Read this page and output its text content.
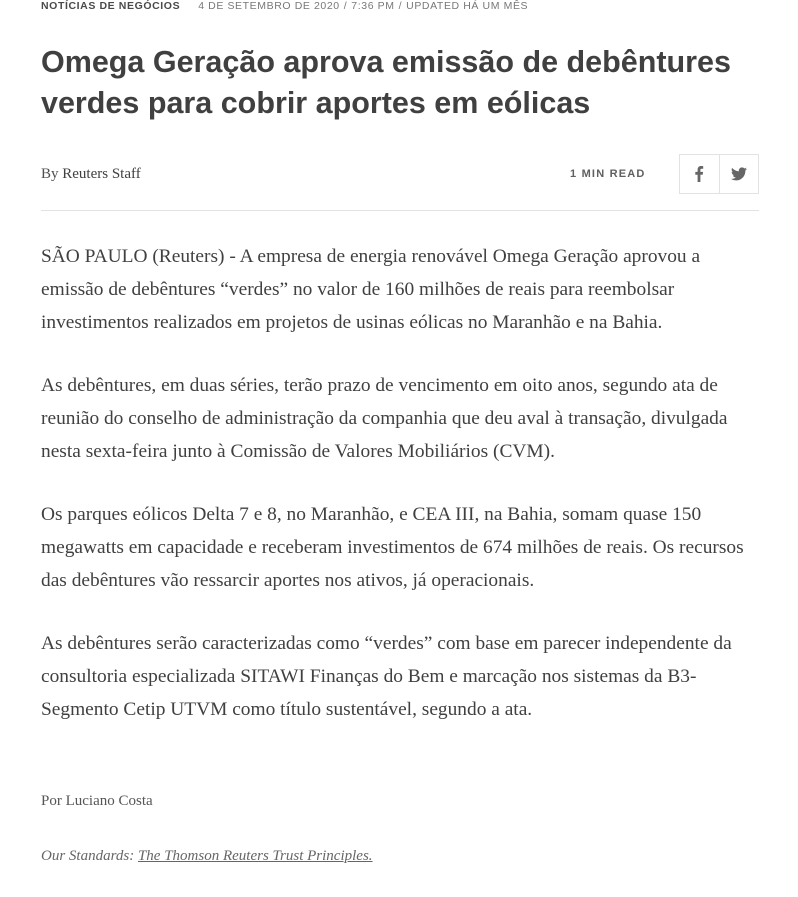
NOTÍCIAS DE NEGÓCIOS 4 DE SETEMBRO DE 2020 / 7:36 PM / UPDATED HÁ UM MÊS
Omega Geração aprova emissão de debêntures verdes para cobrir aportes em eólicas
By Reuters Staff	1 MIN READ

SÃO PAULO (Reuters) - A empresa de energia renovável Omega Geração aprovou a emissão de debêntures “verdes” no valor de 160 milhões de reais para reembolsar investimentos realizados em projetos de usinas eólicas no Maranhão e na Bahia.

As debêntures, em duas séries, terão prazo de vencimento em oito anos, segundo ata de reunião do conselho de administração da companhia que deu aval à transação, divulgada nesta sexta-feira junto à Comissão de Valores Mobiliários (CVM).

Os parques eólicos Delta 7 e 8, no Maranhão, e CEA III, na Bahia, somam quase 150 megawatts em capacidade e receberam investimentos de 674 milhões de reais. Os recursos das debêntures vão ressarcir aportes nos ativos, já operacionais.

As debêntures serão caracterizadas como “verdes” com base em parecer independente da consultoria especializada SITAWI Finanças do Bem e marcação nos sistemas da B3- Segmento Cetip UTVM como título sustentável, segundo a ata.

Por Luciano Costa
Our Standards: The Thomson Reuters Trust Principles.
